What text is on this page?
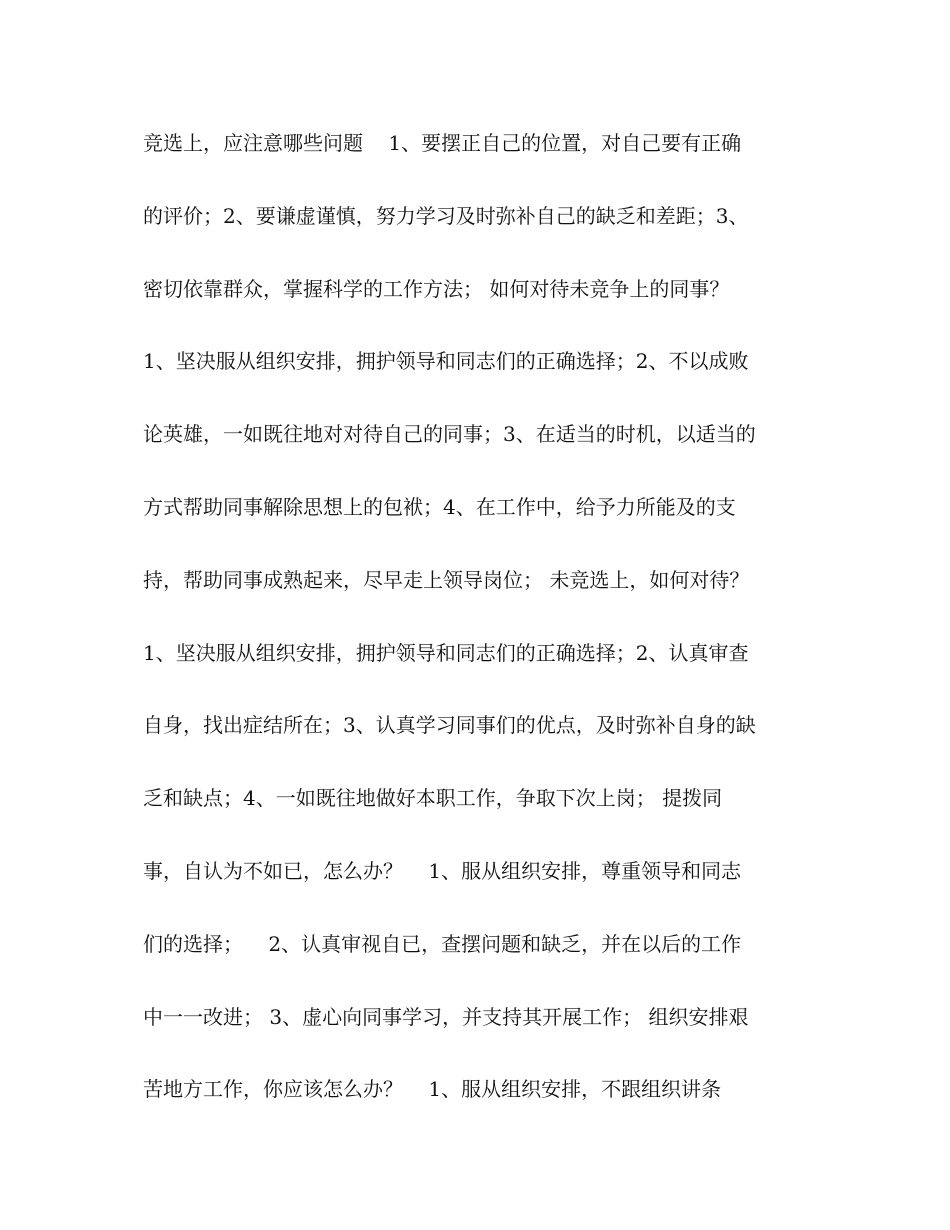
竞选上，应注意哪些问题    1、要摆正自己的位置，对自己要有正确
的评价；2、要谦虚谨慎，努力学习及时弥补自己的缺乏和差距；3、
密切依靠群众，掌握科学的工作方法； 如何对待未竞争上的同事？
1、坚决服从组织安排，拥护领导和同志们的正确选择；2、不以成败
论英雄，一如既往地对对待自己的同事；3、在适当的时机，以适当的
方式帮助同事解除思想上的包袱；4、在工作中，给予力所能及的支
持，帮助同事成熟起来，尽早走上领导岗位； 未竞选上，如何对待？
1、坚决服从组织安排，拥护领导和同志们的正确选择；2、认真审查
自身，找出症结所在；3、认真学习同事们的优点，及时弥补自身的缺
乏和缺点；4、一如既往地做好本职工作，争取下次上岗； 提拨同
事，自认为不如已，怎么办？    1、服从组织安排，尊重领导和同志
们的选择；    2、认真审视自已，查摆问题和缺乏，并在以后的工作
中一一改进； 3、虚心向同事学习，并支持其开展工作； 组织安排艰
苦地方工作，你应该怎么办？    1、服从组织安排，不跟组织讲条
